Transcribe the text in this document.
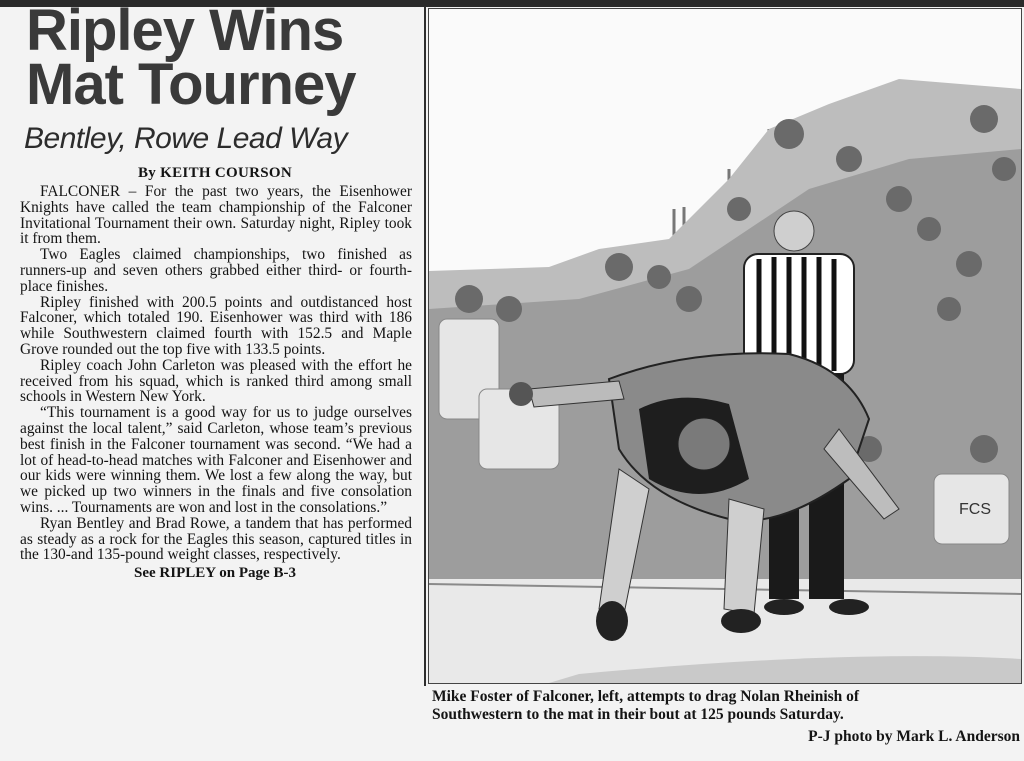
Ripley Wins
Mat Tourney
Bentley, Rowe Lead Way
By KEITH COURSON

FALCONER – For the past two years, the Eisenhower Knights have called the team championship of the Falconer Invitational Tournament their own. Saturday night, Ripley took it from them.

Two Eagles claimed championships, two finished as runners-up and seven others grabbed either third- or fourth-place finishes.

Ripley finished with 200.5 points and outdistanced host Falconer, which totaled 190. Eisenhower was third with 186 while Southwestern claimed fourth with 152.5 and Maple Grove rounded out the top five with 133.5 points.

Ripley coach John Carleton was pleased with the effort he received from his squad, which is ranked third among small schools in Western New York.

“This tournament is a good way for us to judge ourselves against the local talent,” said Carleton, whose team’s previous best finish in the Falconer tournament was second. “We had a lot of head-to-head matches with Falconer and Eisenhower and our kids were winning them. We lost a few along the way, but we picked up two winners in the finals and five consolation wins. ... Tournaments are won and lost in the consolations.”

Ryan Bentley and Brad Rowe, a tandem that has performed as steady as a rock for the Eagles this season, captured titles in the 130-and 135-pound weight classes, respectively.

See RIPLEY on Page B-3
FCS
Mike Foster of Falconer, left, attempts to drag Nolan Rheinish of
Southwestern to the mat in their bout at 125 pounds Saturday.
P-J photo by Mark L. Anderson
